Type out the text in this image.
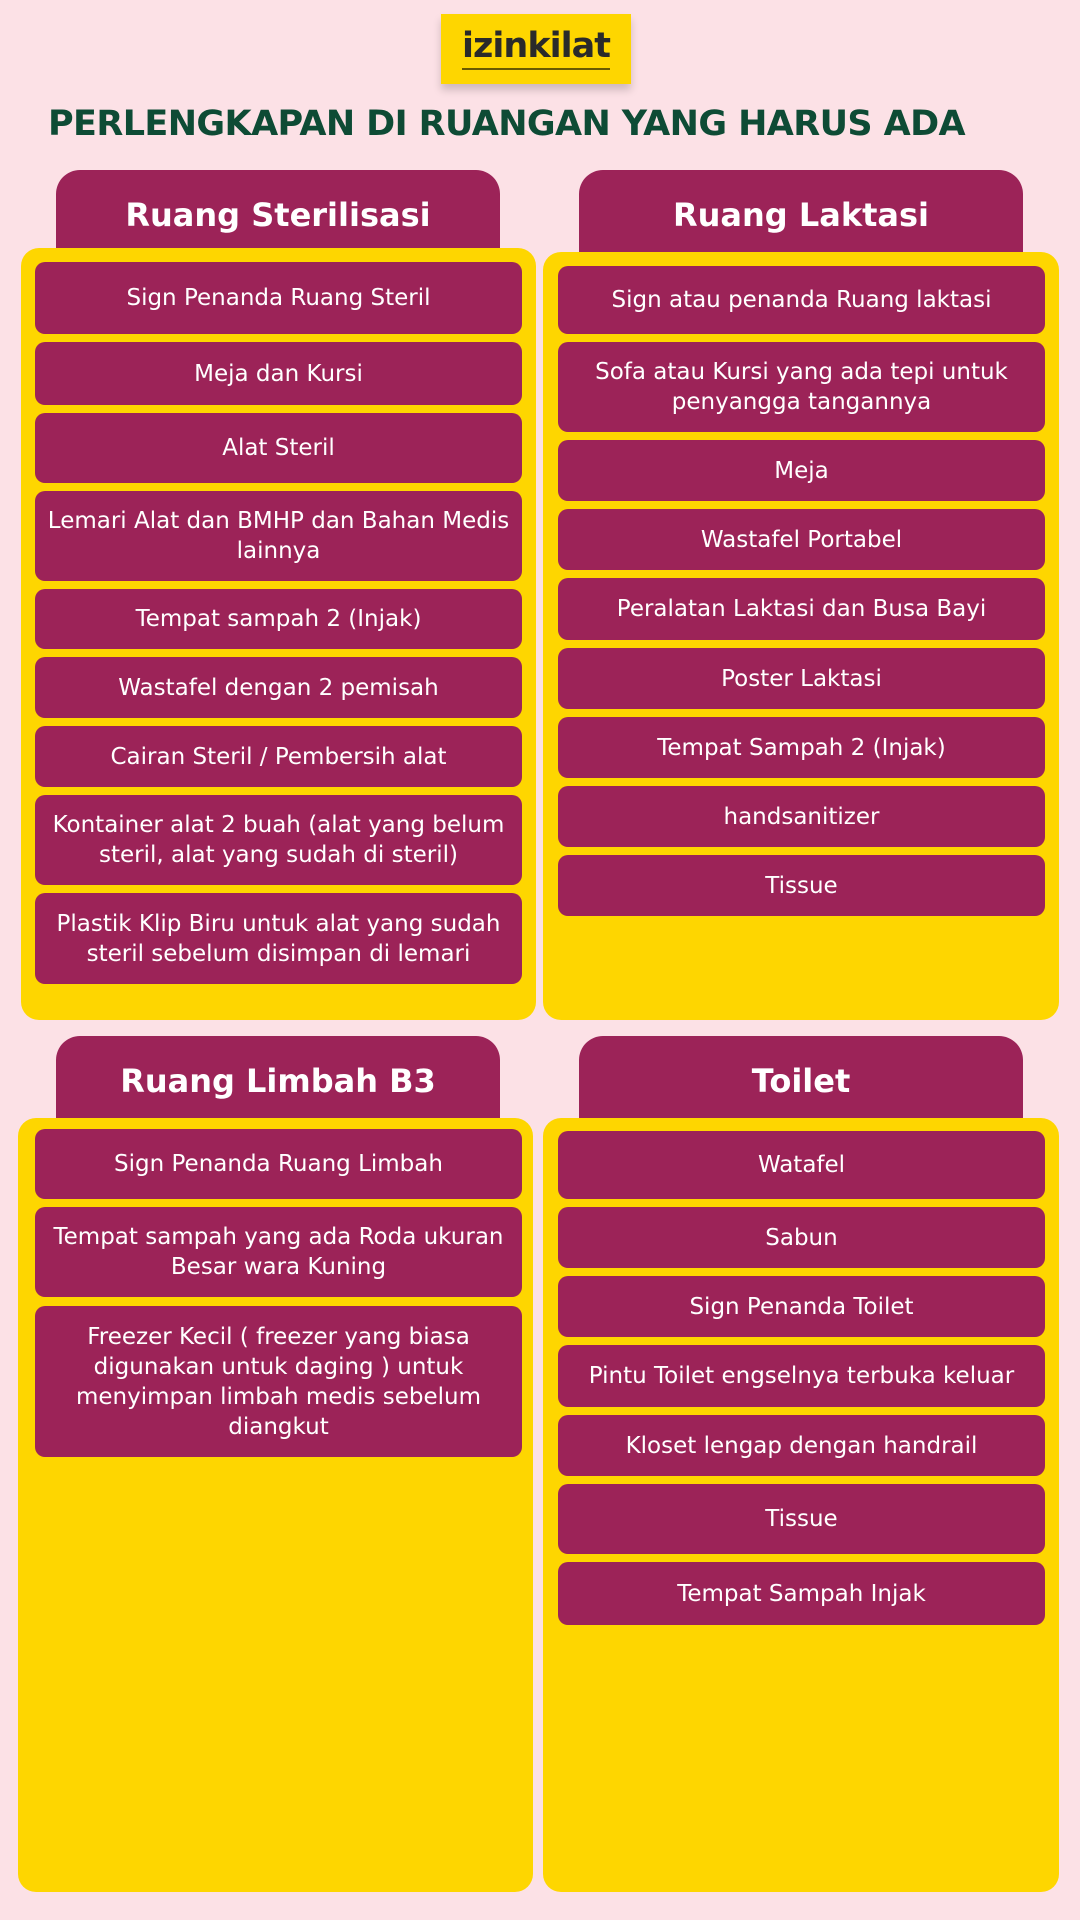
izinkilat
PERLENGKAPAN DI RUANGAN YANG HARUS ADA
Ruang Sterilisasi
Sign Penanda Ruang Steril
Meja dan Kursi
Alat Steril
Lemari Alat dan BMHP dan Bahan Medis lainnya
Tempat sampah 2 (Injak)
Wastafel dengan 2 pemisah
Cairan Steril / Pembersih alat
Kontainer alat 2 buah (alat yang belum steril, alat yang sudah di steril)
Plastik Klip Biru untuk alat yang sudah steril sebelum disimpan di lemari
Ruang Laktasi
Sign atau penanda Ruang laktasi
Sofa atau Kursi yang ada tepi untuk penyangga tangannya
Meja
Wastafel Portabel
Peralatan Laktasi dan Busa Bayi
Poster Laktasi
Tempat Sampah 2 (Injak)
handsanitizer
Tissue
Ruang Limbah B3
Sign Penanda Ruang Limbah
Tempat sampah yang ada Roda ukuran Besar wara Kuning
Freezer Kecil ( freezer yang biasa digunakan untuk daging ) untuk menyimpan limbah medis sebelum diangkut
Toilet
Watafel
Sabun
Sign Penanda Toilet
Pintu Toilet engselnya terbuka keluar
Kloset lengap dengan handrail
Tissue
Tempat Sampah Injak
